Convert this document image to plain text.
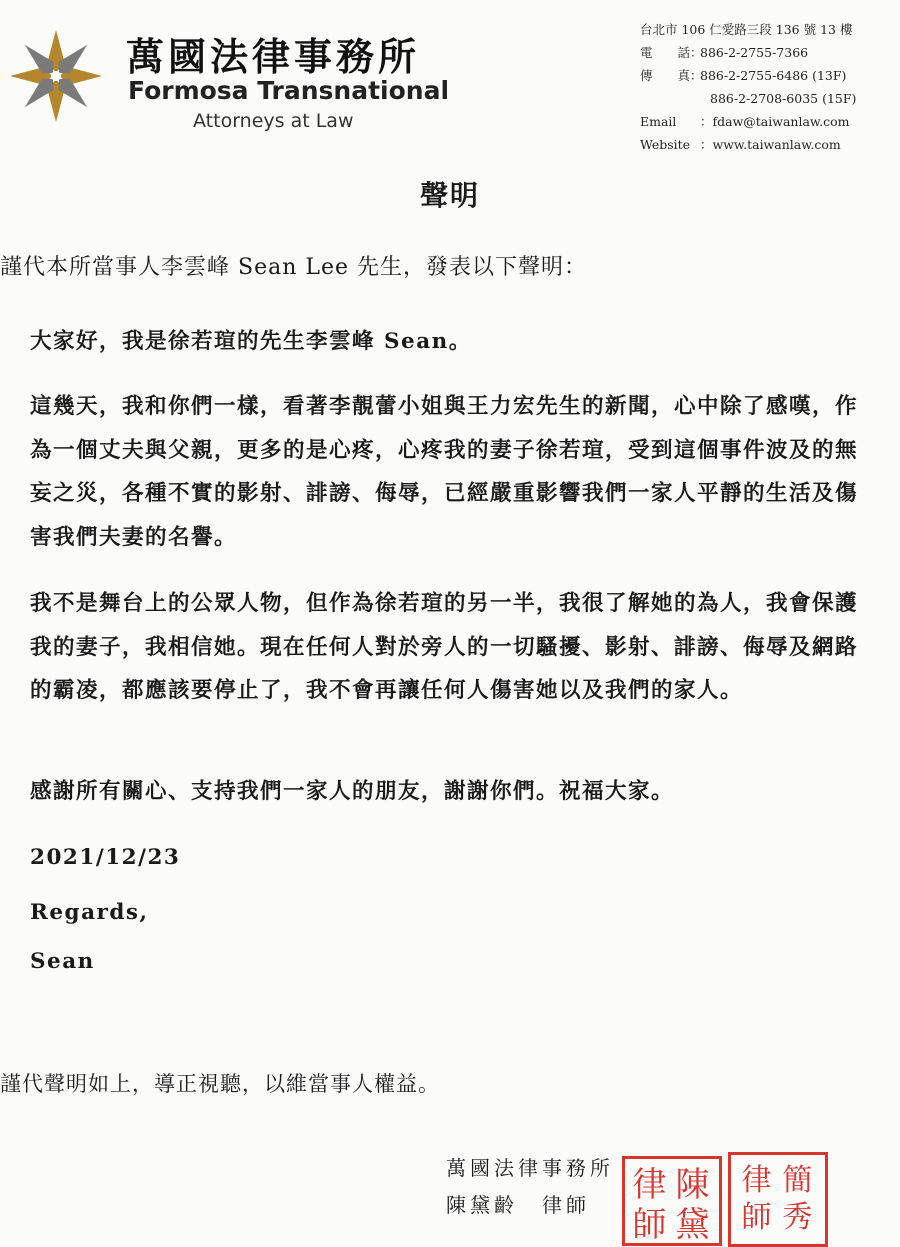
萬國法律事務所
Formosa Transnational
Attorneys at Law
台北市 106 仁愛路三段 136 號 13 樓
電　　話：
886-2-2755-7366
傳　　真：
886-2-2755-6486 (13F)
886-2-2708-6035 (15F)
Email	：fdaw@taiwanlaw.com
Website ：www.taiwanlaw.com
聲明
謹代本所當事人李雲峰 Sean Lee 先生，發表以下聲明：
大家好，我是徐若瑄的先生李雲峰 Sean。
這幾天，我和你們一樣，看著李靚蕾小姐與王力宏先生的新聞，心中除了感嘆，作為一個丈夫與父親，更多的是心疼，心疼我的妻子徐若瑄，受到這個事件波及的無妄之災，各種不實的影射、誹謗、侮辱，已經嚴重影響我們一家人平靜的生活及傷害我們夫妻的名譽。
我不是舞台上的公眾人物，但作為徐若瑄的另一半，我很了解她的為人，我會保護我的妻子，我相信她。現在任何人對於旁人的一切騷擾、影射、誹謗、侮辱及網路的霸凌，都應該要停止了，我不會再讓任何人傷害她以及我們的家人。
感謝所有關心、支持我們一家人的朋友，謝謝你們。祝福大家。
2021/12/23
Regards,
Sean
謹代聲明如上，導正視聽，以維當事人權益。
萬國法律事務所
陳黛齡　律師	律 陳
師 黛
律 簡
師 秀
